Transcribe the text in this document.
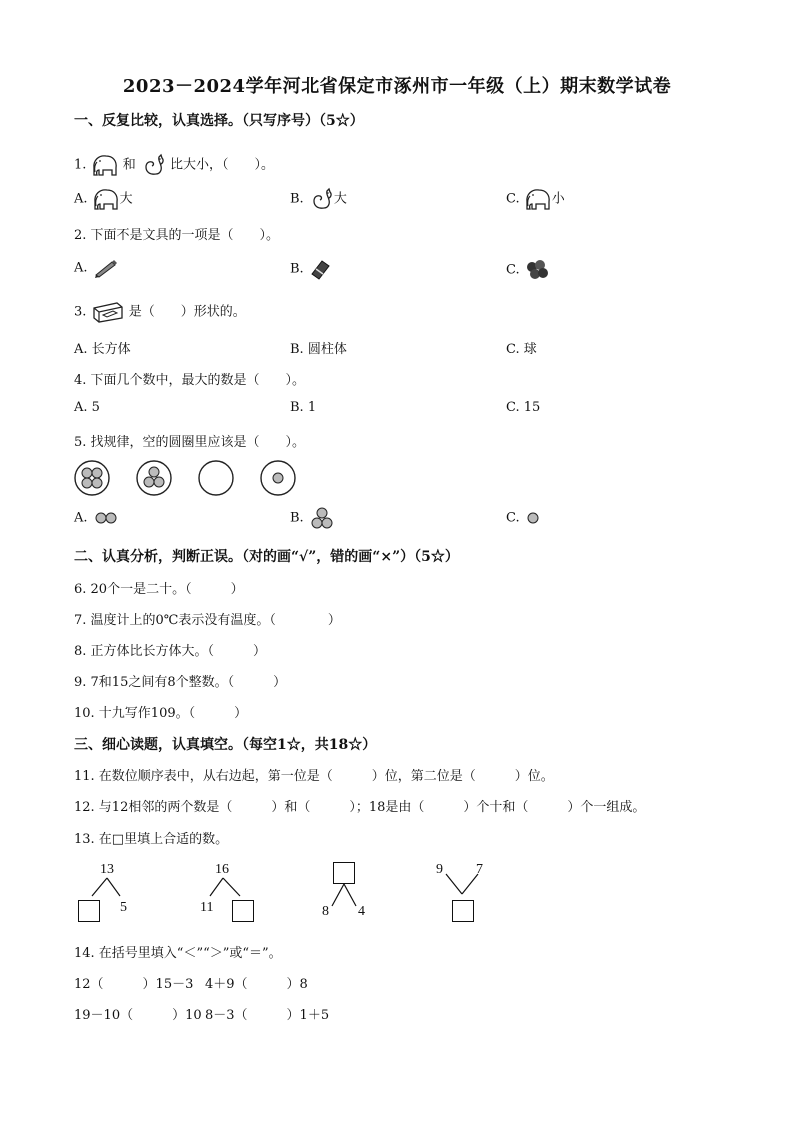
2023－2024学年河北省保定市涿州市一年级（上）期末数学试卷
一、反复比较，认真选择。（只写序号）（5☆）
1.	和	比大小，（　　）。
A. 大	B. 大	C. 小
2. 下面不是文具的一项是（　　）。
A.	B.	C.
3.	是（　　）形状的。
A. 长方体	B. 圆柱体	C. 球
4. 下面几个数中，最大的数是（　　）。
A. 5	B. 1	C. 15
5. 找规律，空的圆圈里应该是（　　）。
A.	B.	C.
二、认真分析，判断正误。（对的画“√”，错的画“×”）（5☆）
6. 20个一是二十。（　　　）
7. 温度计上的0℃表示没有温度。（　　　　）
8. 正方体比长方体大。（　　　）
9. 7和15之间有8个整数。（　　　）
10. 十九写作109。（　　　）
三、细心读题，认真填空。（每空1☆，共18☆）
11. 在数位顺序表中，从右边起，第一位是（　　　）位，第二位是（　　　）位。
12. 与12相邻的两个数是（　　　）和（　　　）；18是由（　　　）个十和（　　　）个一组成。
13. 在□里填上合适的数。
13
5
16
11	8 4
9 7
14. 在括号里填入“＜”“＞”或“＝”。
12（　　　）15－3 4＋9（　　　）8
19－10（　　　）10 8－3（　　　）1＋5
